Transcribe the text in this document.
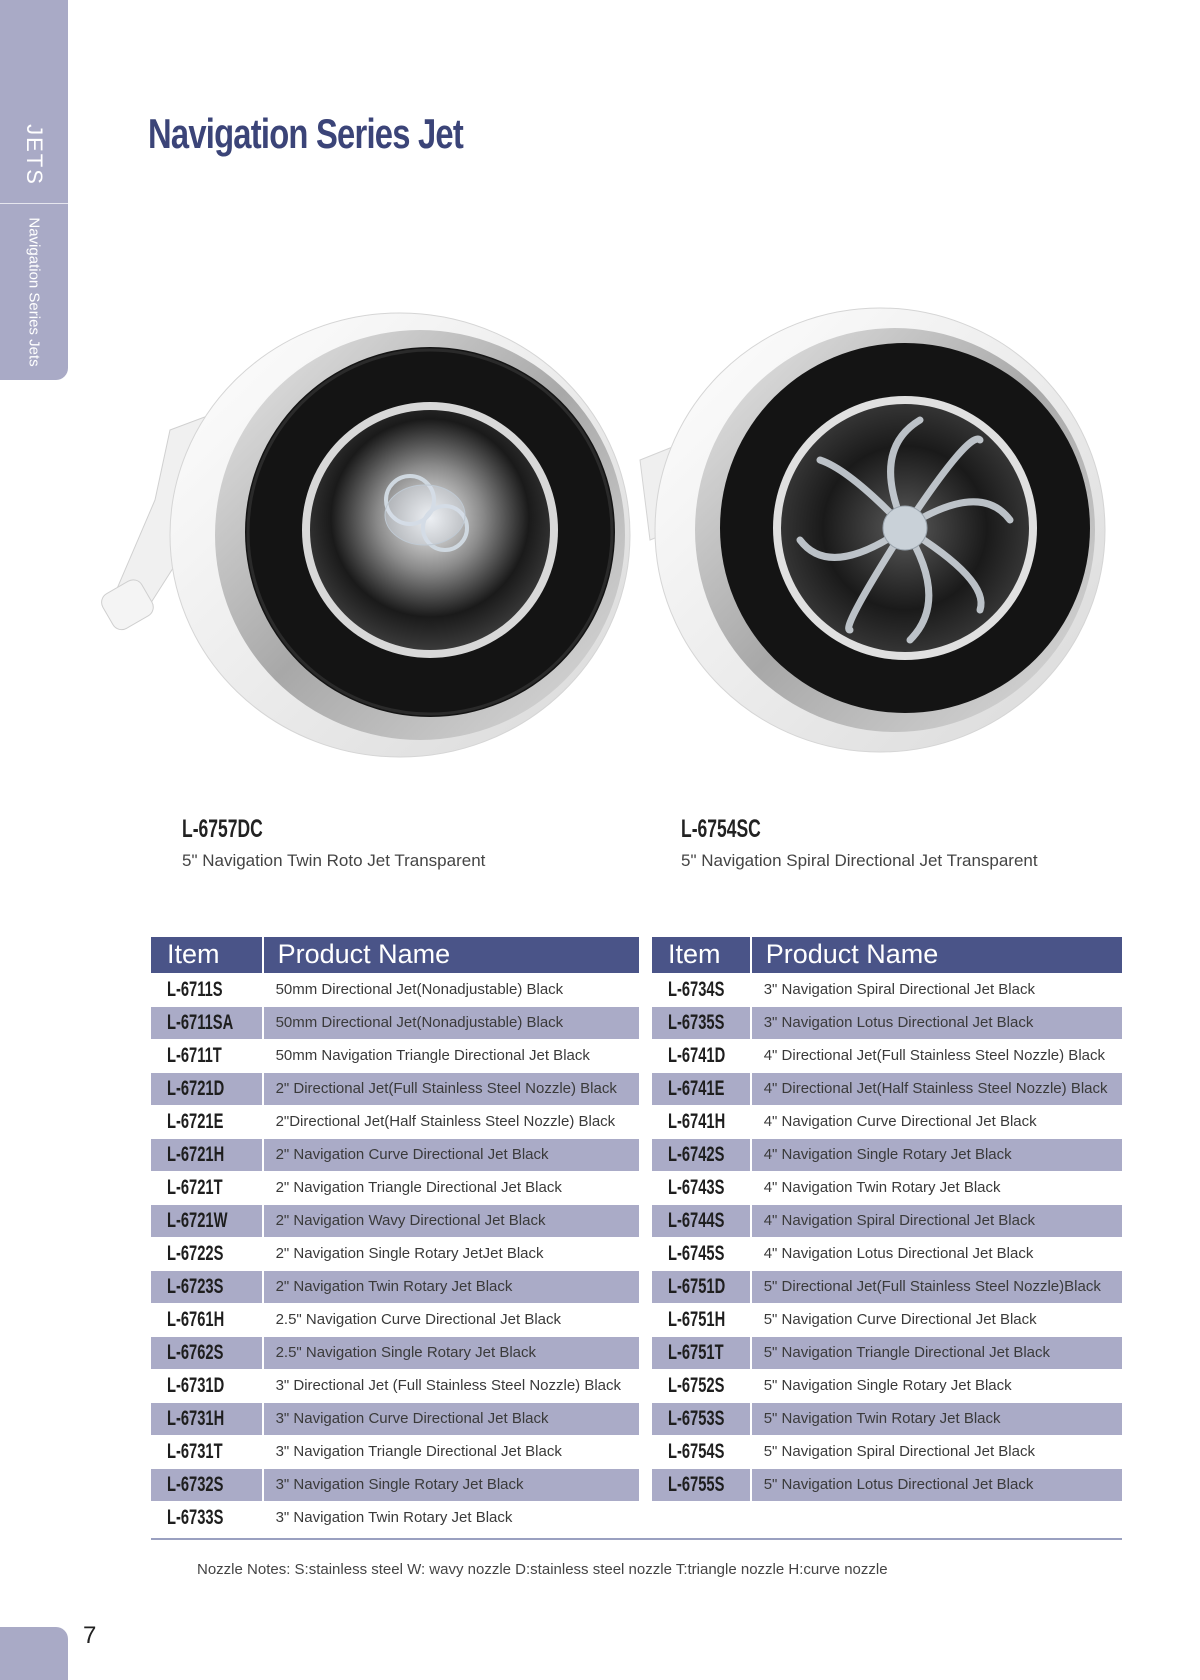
JETS
Navigation Series Jets
7
Navigation Series Jet
L-6757DC
5" Navigation Twin Roto Jet Transparent
L-6754SC
5" Navigation Spiral Directional Jet Transparent
Item	Product Name
L-6711S	50mm Directional Jet(Nonadjustable) Black
L-6711SA	50mm Directional Jet(Nonadjustable) Black
L-6711T	50mm Navigation Triangle Directional Jet Black
L-6721D	2" Directional Jet(Full Stainless Steel Nozzle) Black
L-6721E	2"Directional Jet(Half Stainless Steel Nozzle) Black
L-6721H	2" Navigation Curve Directional Jet Black
L-6721T	2" Navigation Triangle Directional Jet Black
L-6721W	2" Navigation Wavy Directional Jet Black
L-6722S	2" Navigation Single Rotary JetJet Black
L-6723S	2" Navigation Twin Rotary Jet Black
L-6761H	2.5" Navigation Curve Directional Jet Black
L-6762S	2.5" Navigation Single Rotary Jet Black
L-6731D	3" Directional Jet (Full Stainless Steel Nozzle) Black
L-6731H	3" Navigation Curve Directional Jet Black
L-6731T	3" Navigation Triangle Directional Jet Black
L-6732S	3" Navigation Single Rotary Jet Black
L-6733S	3" Navigation Twin Rotary Jet Black
Item	Product Name
L-6734S	3" Navigation Spiral Directional Jet Black
L-6735S	3" Navigation Lotus Directional Jet Black
L-6741D	4" Directional Jet(Full Stainless Steel Nozzle) Black
L-6741E	4" Directional Jet(Half Stainless Steel Nozzle) Black
L-6741H	4" Navigation Curve Directional Jet Black
L-6742S	4" Navigation Single Rotary Jet Black
L-6743S	4" Navigation Twin Rotary Jet Black
L-6744S	4" Navigation Spiral Directional Jet Black
L-6745S	4" Navigation Lotus Directional Jet Black
L-6751D	5" Directional Jet(Full Stainless Steel Nozzle)Black
L-6751H	5" Navigation Curve Directional Jet Black
L-6751T	5" Navigation Triangle Directional Jet Black
L-6752S	5" Navigation Single Rotary Jet Black
L-6753S	5" Navigation Twin Rotary Jet Black
L-6754S	5" Navigation Spiral Directional Jet Black
L-6755S	5" Navigation Lotus Directional Jet Black
Nozzle Notes: S:stainless steel W: wavy nozzle D:stainless steel nozzle T:triangle nozzle H:curve nozzle
